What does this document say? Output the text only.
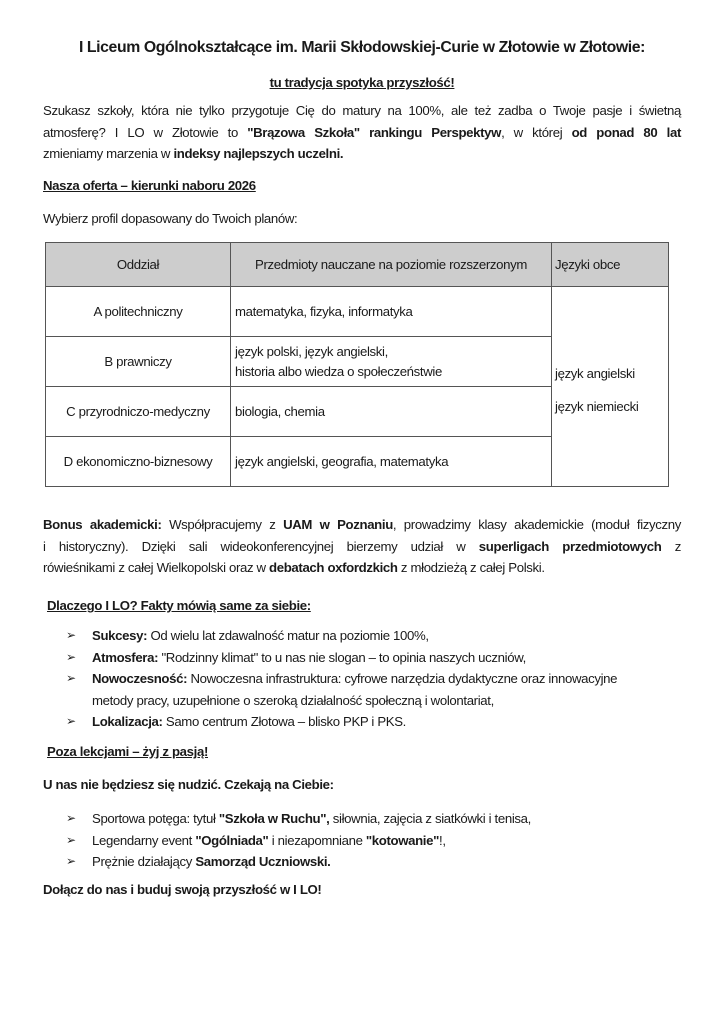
I Liceum Ogólnokształcące im. Marii Skłodowskiej-Curie w Złotowie w Złotowie:
tu tradycja spotyka przyszłość!
Szukasz szkoły, która nie tylko przygotuje Cię do matury na 100%, ale też zadba o Twoje pasje i świetną
atmosferę? I LO w Złotowie to "Brązowa Szkoła" rankingu Perspektyw, w której od ponad 80 lat
zmieniamy marzenia w indeksy najlepszych uczelni.
Nasza oferta – kierunki naboru 2026
Wybierz profil dopasowany do Twoich planów:
Oddział	Przedmioty nauczane na poziomie rozszerzonym	Języki obce
A politechniczny	matematyka, fizyka, informatyka	język angielski
język niemiecki

B prawniczy	język polski, język angielski,
historia albo wiedza o społeczeństwie	
C przyrodniczo-medyczny	biologia, chemia	
D ekonomiczno-biznesowy	język angielski, geografia, matematyka	
Bonus akademicki: Współpracujemy z UAM w Poznaniu, prowadzimy klasy akademickie (moduł fizyczny
i historyczny). Dzięki sali wideokonferencyjnej bierzemy udział w superligach przedmiotowych z
rówieśnikami z całej Wielkopolski oraz w debatach oxfordzkich z młodzieżą z całej Polski.
Dlaczego I LO? Fakty mówią same za siebie:
➢ Sukcesy: Od wielu lat zdawalność matur na poziomie 100%,
➢ Atmosfera: "Rodzinny klimat" to u nas nie slogan – to opinia naszych uczniów,
➢ Nowoczesność: Nowoczesna infrastruktura: cyfrowe narzędzia dydaktyczne oraz innowacyjne
metody pracy, uzupełnione o szeroką działalność społeczną i wolontariat,
➢ Lokalizacja: Samo centrum Złotowa – blisko PKP i PKS.
Poza lekcjami – żyj z pasją!
U nas nie będziesz się nudzić. Czekają na Ciebie:
➢ Sportowa potęga: tytuł "Szkoła w Ruchu", siłownia, zajęcia z siatkówki i tenisa,
➢ Legendarny event "Ogólniada" i niezapomniane "kotowanie"!,
➢ Prężnie działający Samorząd Uczniowski.
Dołącz do nas i buduj swoją przyszłość w I LO!
